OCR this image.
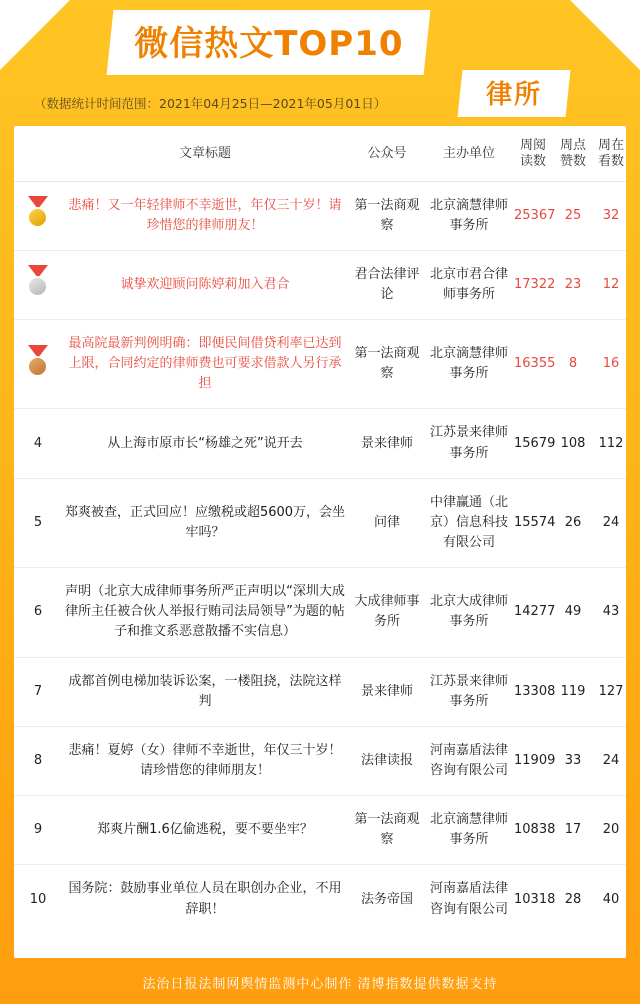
微信热文TOP10
律所
（数据统计时间范围：2021年04月25日—2021年05月01日）
	文章标题	公众号	主办单位	周阅读数	周点赞数	周在看数

	悲痛！又一年轻律师不幸逝世，年仅三十岁！请珍惜您的律师朋友！	第一法商观察	北京滴慧律师事务所	25367	25	32

	诚挚欢迎顾问陈婷莉加入君合	君合法律评论	北京市君合律师事务所	17322	23	12

	最高院最新判例明确：即便民间借贷利率已达到上限，合同约定的律师费也可要求借款人另行承担	第一法商观察	北京滴慧律师事务所	16355	8	16
4	从上海市原市长“杨雄之死”说开去	景来律师	江苏景来律师事务所	15679	108	112
5	郑爽被查，正式回应！应缴税或超5600万，会坐牢吗？	问律	中律赢通（北京）信息科技有限公司	15574	26	24
6	声明（北京大成律师事务所严正声明以“深圳大成律所主任被合伙人举报行贿司法局领导”为题的帖子和推文系恶意散播不实信息）	大成律师事务所	北京大成律师事务所	14277	49	43
7	成都首例电梯加装诉讼案，一楼阻挠，法院这样判	景来律师	江苏景来律师事务所	13308	119	127
8	悲痛！夏婷（女）律师不幸逝世，年仅三十岁！请珍惜您的律师朋友！	法律读报	河南嘉盾法律咨询有限公司	11909	33	24
9	郑爽片酬1.6亿偷逃税，要不要坐牢？	第一法商观察	北京滴慧律师事务所	10838	17	20
10	国务院：鼓励事业单位人员在职创办企业，不用辞职！	法务帝国	河南嘉盾法律咨询有限公司	10318	28	40
法治日报法制网舆情监测中心制作 清博指数提供数据支持
